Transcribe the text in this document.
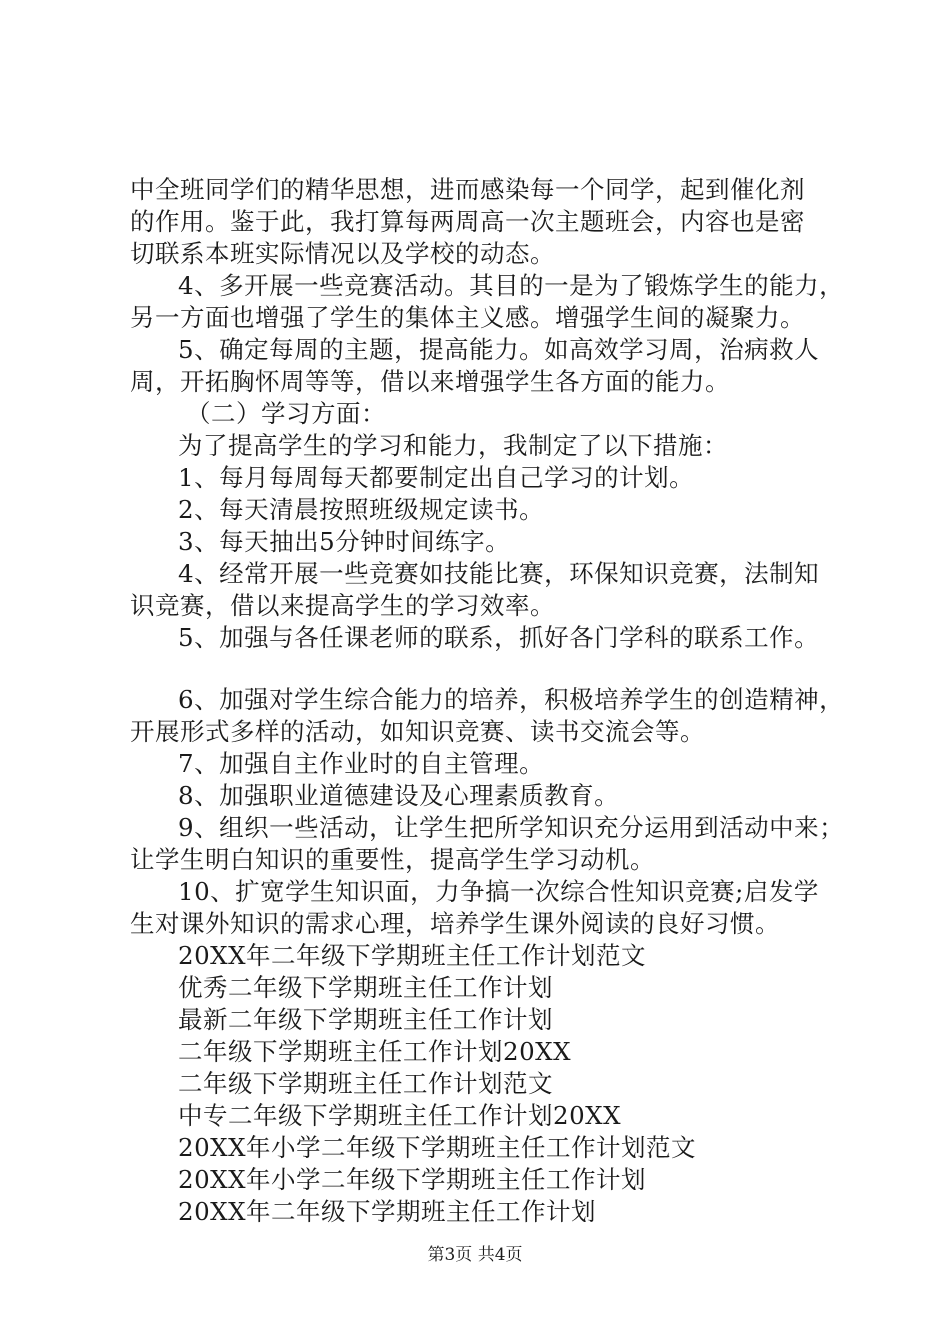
中全班同学们的精华思想，进而感染每一个同学，起到催化剂
的作用。鉴于此，我打算每两周高一次主题班会，内容也是密
切联系本班实际情况以及学校的动态。
4、多开展一些竞赛活动。其目的一是为了锻炼学生的能力，
另一方面也增强了学生的集体主义感。增强学生间的凝聚力。
5、确定每周的主题，提高能力。如高效学习周，治病救人
周，开拓胸怀周等等，借以来增强学生各方面的能力。
（二）学习方面：
为了提高学生的学习和能力，我制定了以下措施：
1、每月每周每天都要制定出自己学习的计划。
2、每天清晨按照班级规定读书。
3、每天抽出5分钟时间练字。
4、经常开展一些竞赛如技能比赛，环保知识竞赛，法制知
识竞赛，借以来提高学生的学习效率。
5、加强与各任课老师的联系，抓好各门学科的联系工作。
6、加强对学生综合能力的培养，积极培养学生的创造精神，
开展形式多样的活动，如知识竞赛、读书交流会等。
7、加强自主作业时的自主管理。
8、加强职业道德建设及心理素质教育。
9、组织一些活动，让学生把所学知识充分运用到活动中来；
让学生明白知识的重要性，提高学生学习动机。
10、扩宽学生知识面，力争搞一次综合性知识竞赛;启发学
生对课外知识的需求心理，培养学生课外阅读的良好习惯。
20XX年二年级下学期班主任工作计划范文
优秀二年级下学期班主任工作计划
最新二年级下学期班主任工作计划
二年级下学期班主任工作计划20XX
二年级下学期班主任工作计划范文
中专二年级下学期班主任工作计划20XX
20XX年小学二年级下学期班主任工作计划范文
20XX年小学二年级下学期班主任工作计划
20XX年二年级下学期班主任工作计划
第3页 共4页
